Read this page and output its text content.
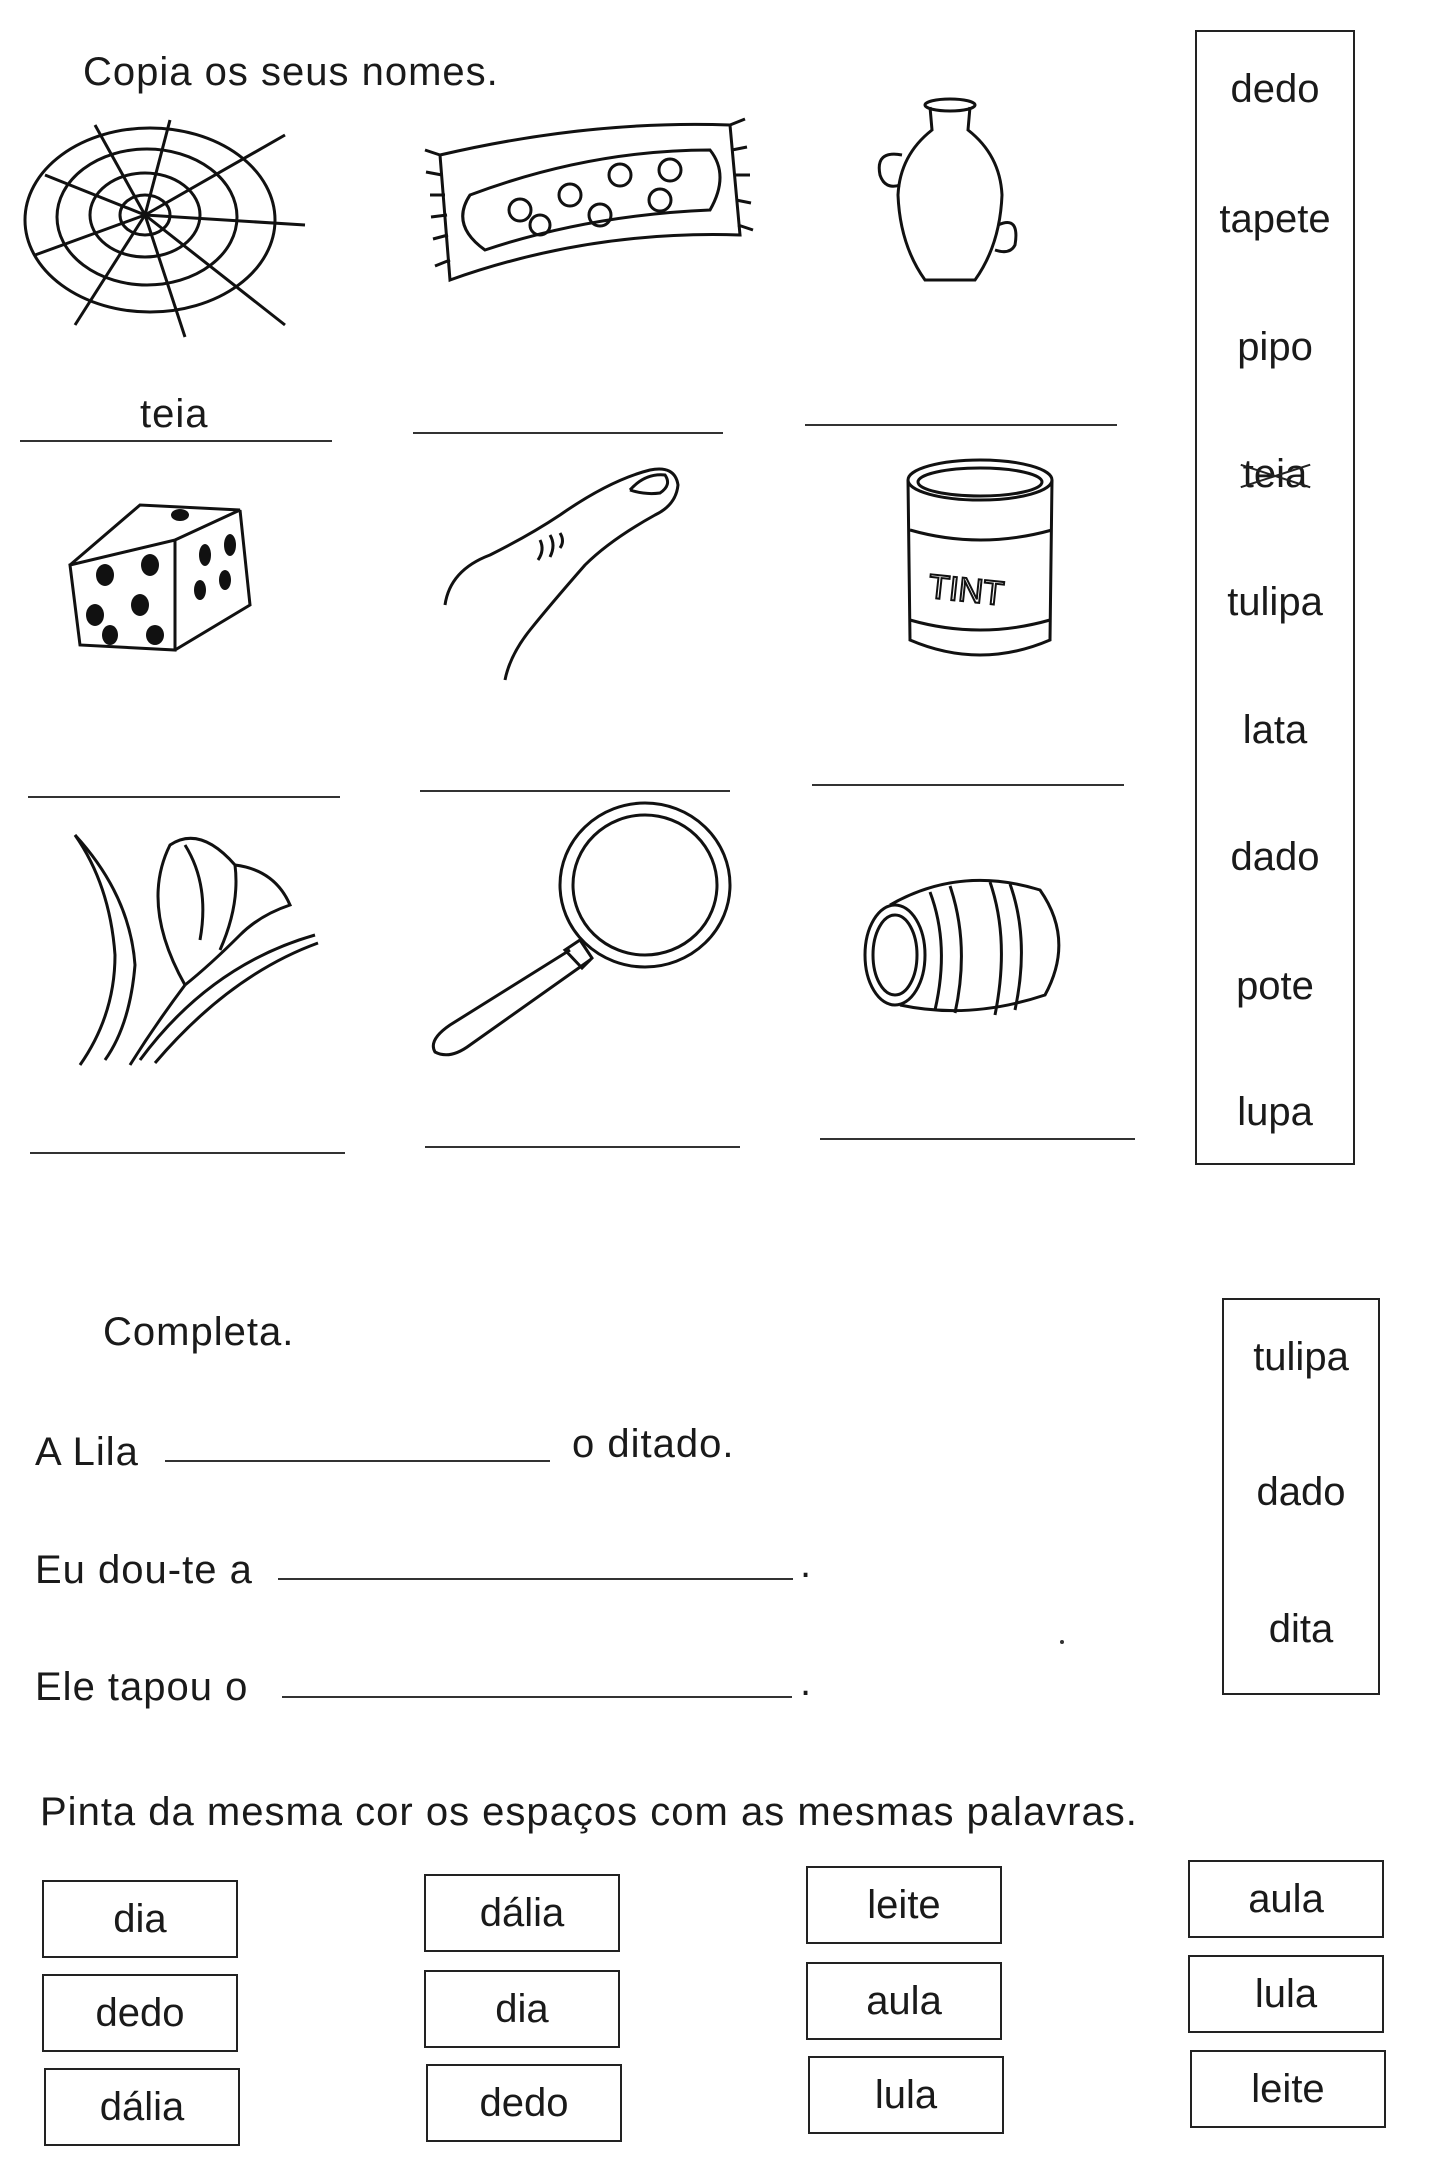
Copia os seus nomes.
teia
TINT
dedo
tapete
pipo
teia
tulipa
lata
dado
pote
lupa
Completa.
A Lila	o ditado.
Eu dou-te a	.
Ele tapou o	.
tulipa
dado
dita
Pinta da mesma cor os espaços com as mesmas palavras.
dia
dedo
dália
dália
dia
dedo
leite
aula
lula
aula
lula
leite
